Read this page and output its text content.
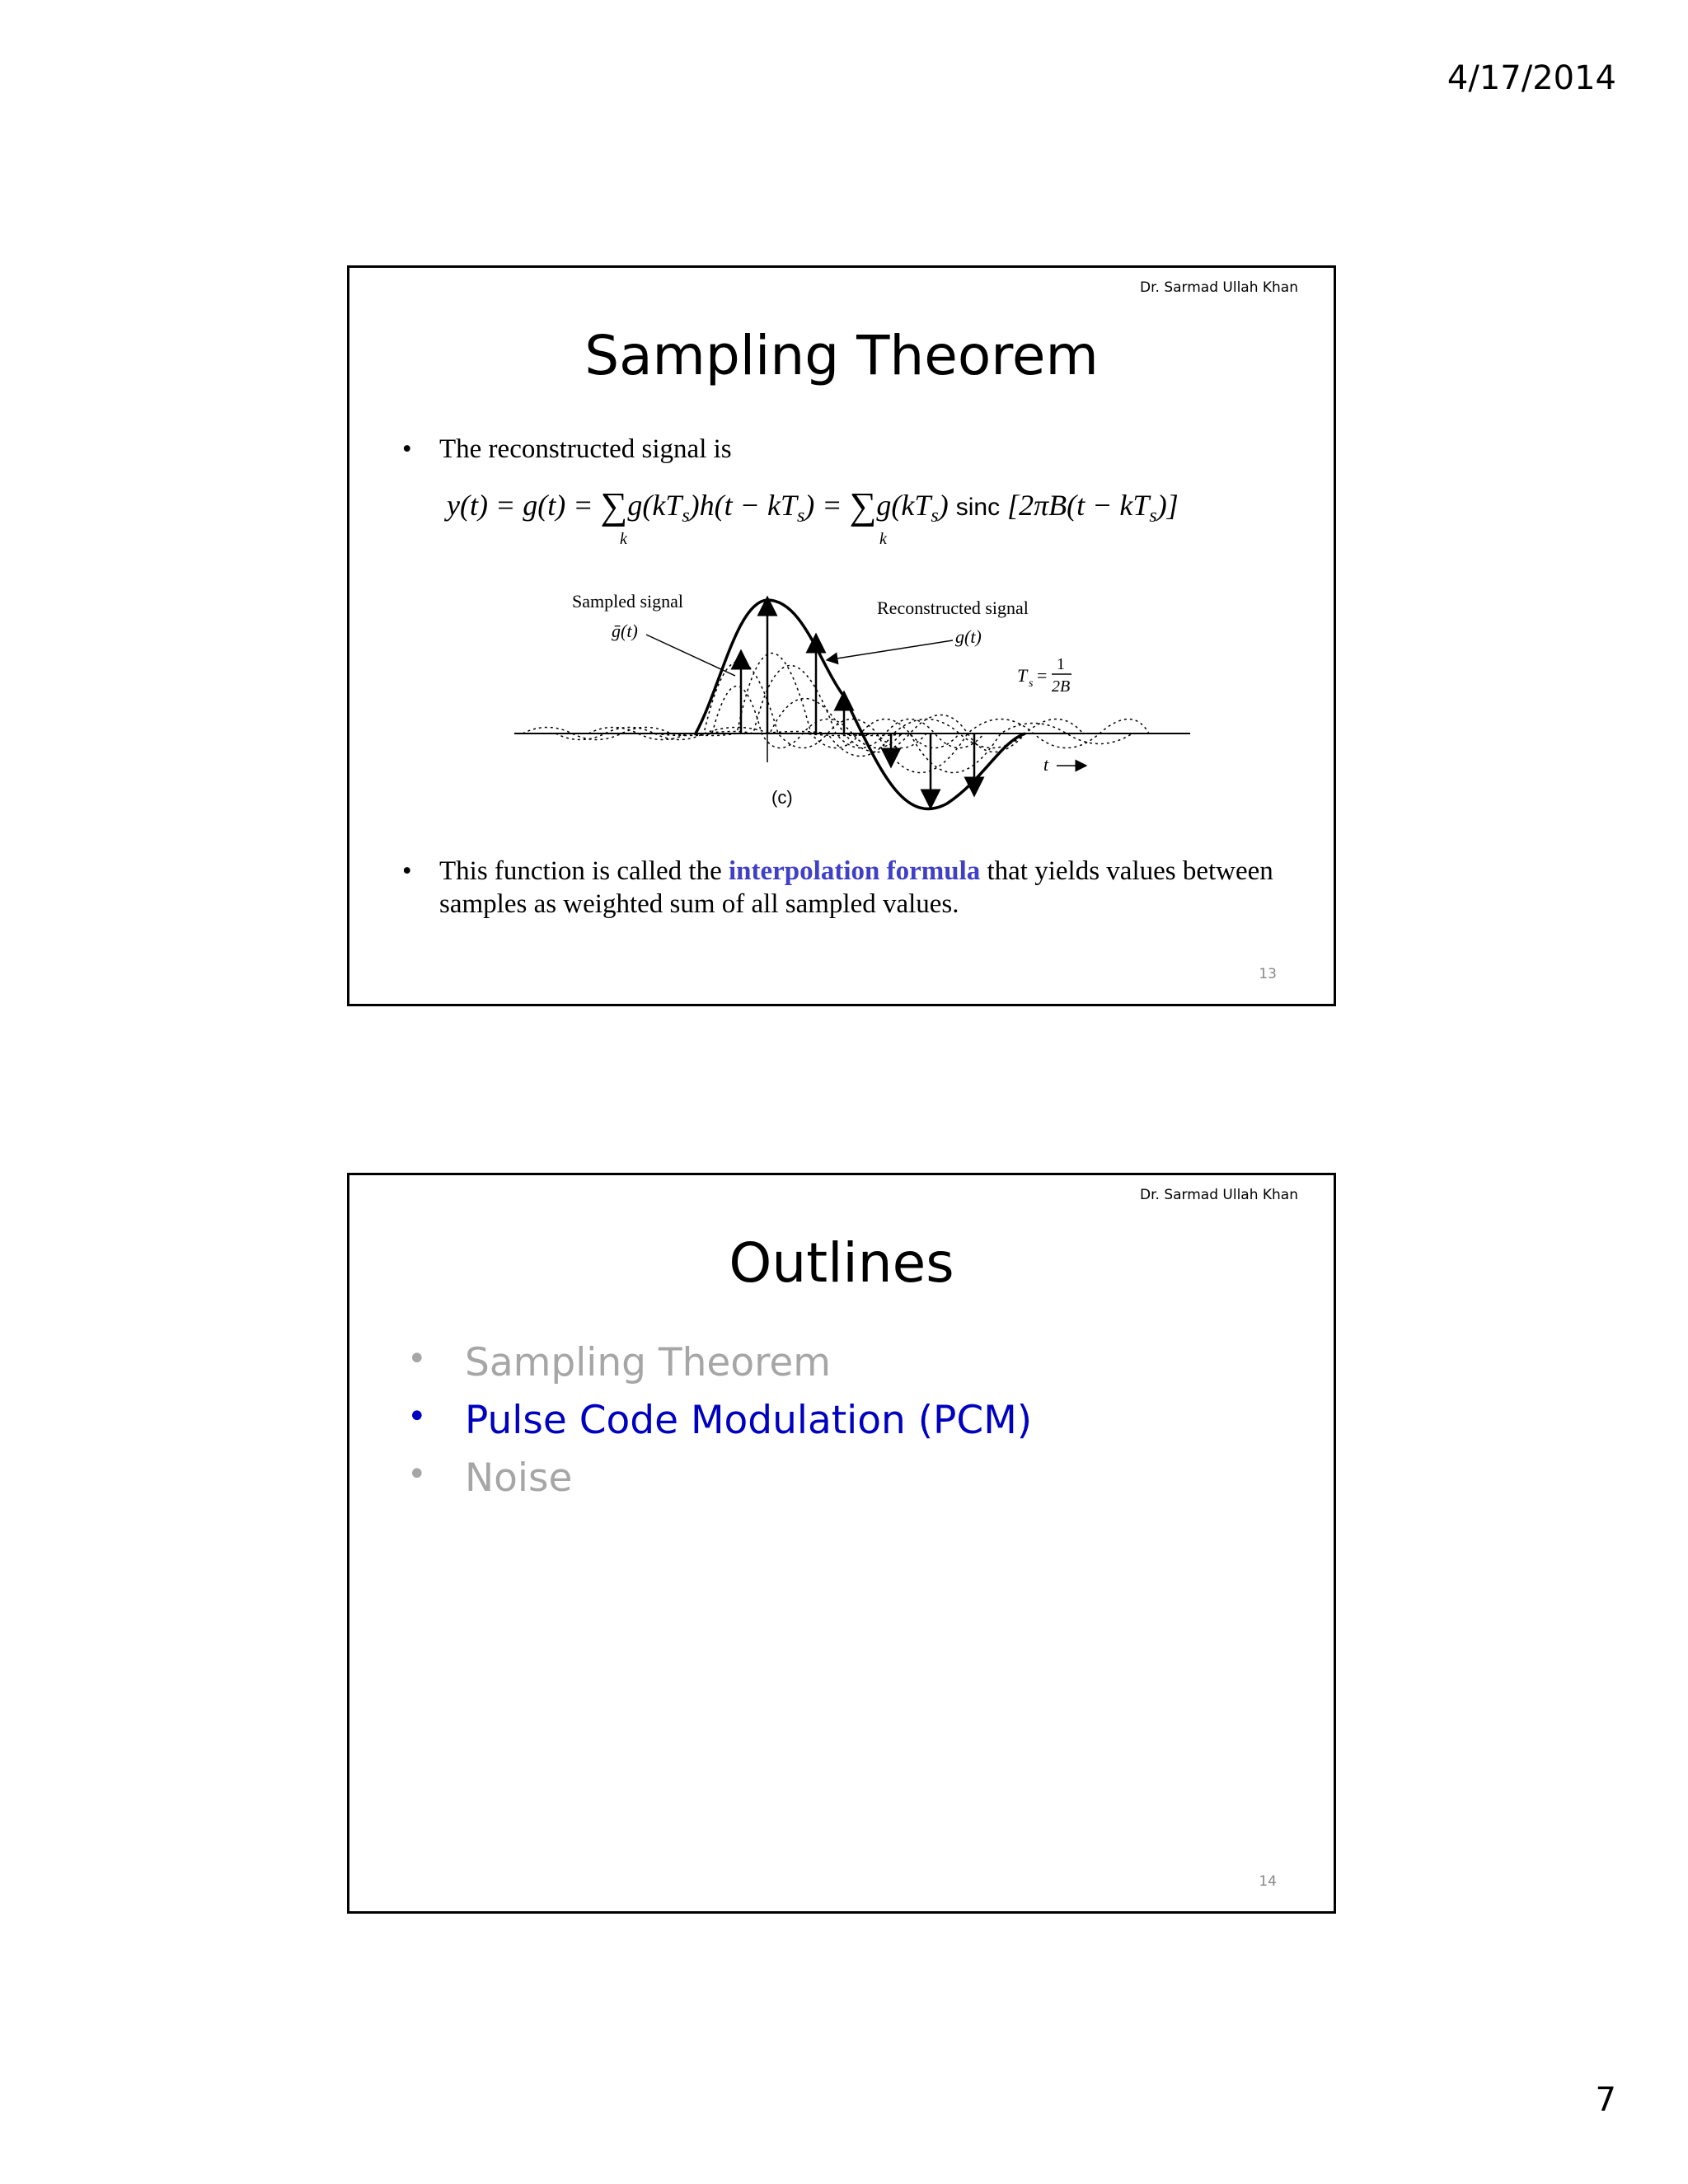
4/17/2014
Dr. Sarmad Ullah Khan
Sampling Theorem
• The reconstructed signal is
$y(t) = g(t) = \sum g(kT_s)h(t - kT_s) = \sum g(kT_s)$ sinc $[2\pi B(t - kT_s)]$
k	k
Sampled signal
ḡ(t)
Reconstructed signal
g(t)
T s =
1
2B
t
(c)
• This function is called the interpolation formula that yields values between samples as weighted sum of all sampled values.
13
Dr. Sarmad Ullah Khan
Outlines
• Sampling Theorem
• Pulse Code Modulation (PCM)
• Noise
14
7
